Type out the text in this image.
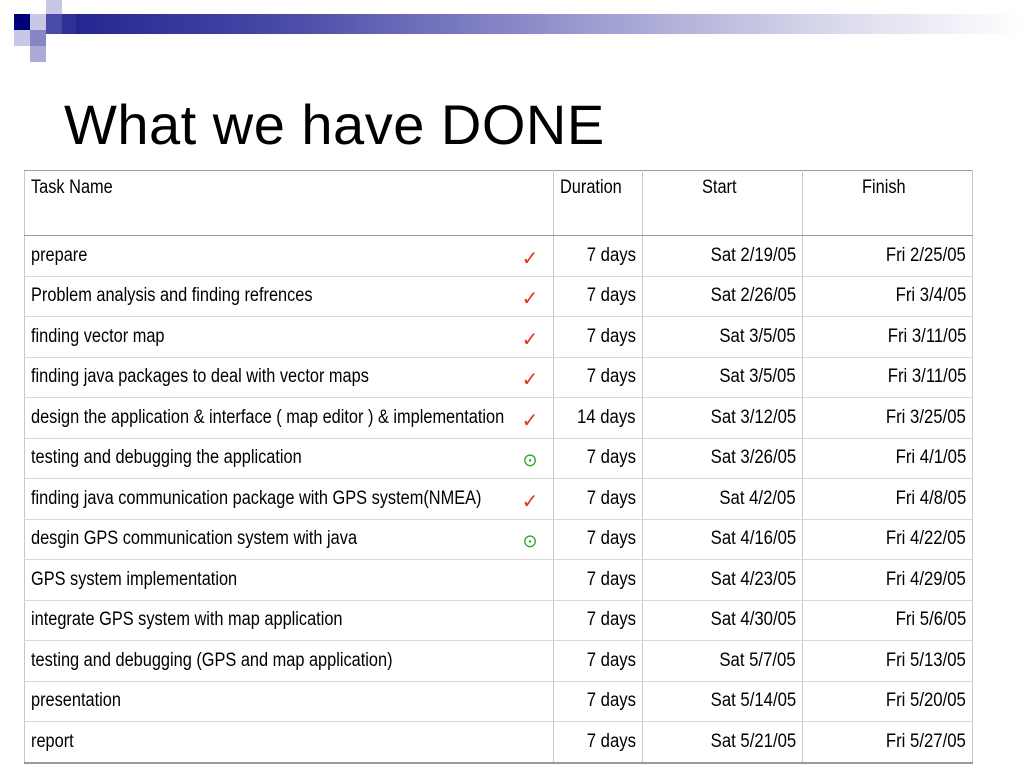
What we have DONE
Task Name	Duration	Start	Finish
prepare ✓	7 days	Sat 2/19/05	Fri 2/25/05
Problem analysis and finding refrences ✓	7 days	Sat 2/26/05	Fri 3/4/05
finding vector map ✓	7 days	Sat 3/5/05	Fri 3/11/05
finding java packages to deal with vector maps ✓	7 days	Sat 3/5/05	Fri 3/11/05
design the application & interface ( map editor ) & implementation ✓	14 days	Sat 3/12/05	Fri 3/25/05
testing and debugging the application ⊙	7 days	Sat 3/26/05	Fri 4/1/05
finding java communication package with GPS system(NMEA) ✓	7 days	Sat 4/2/05	Fri 4/8/05
desgin GPS communication system with java ⊙	7 days	Sat 4/16/05	Fri 4/22/05
GPS system implementation	7 days	Sat 4/23/05	Fri 4/29/05
integrate GPS system with map application	7 days	Sat 4/30/05	Fri 5/6/05
testing and debugging (GPS and map application)	7 days	Sat 5/7/05	Fri 5/13/05
presentation	7 days	Sat 5/14/05	Fri 5/20/05
report	7 days	Sat 5/21/05	Fri 5/27/05
